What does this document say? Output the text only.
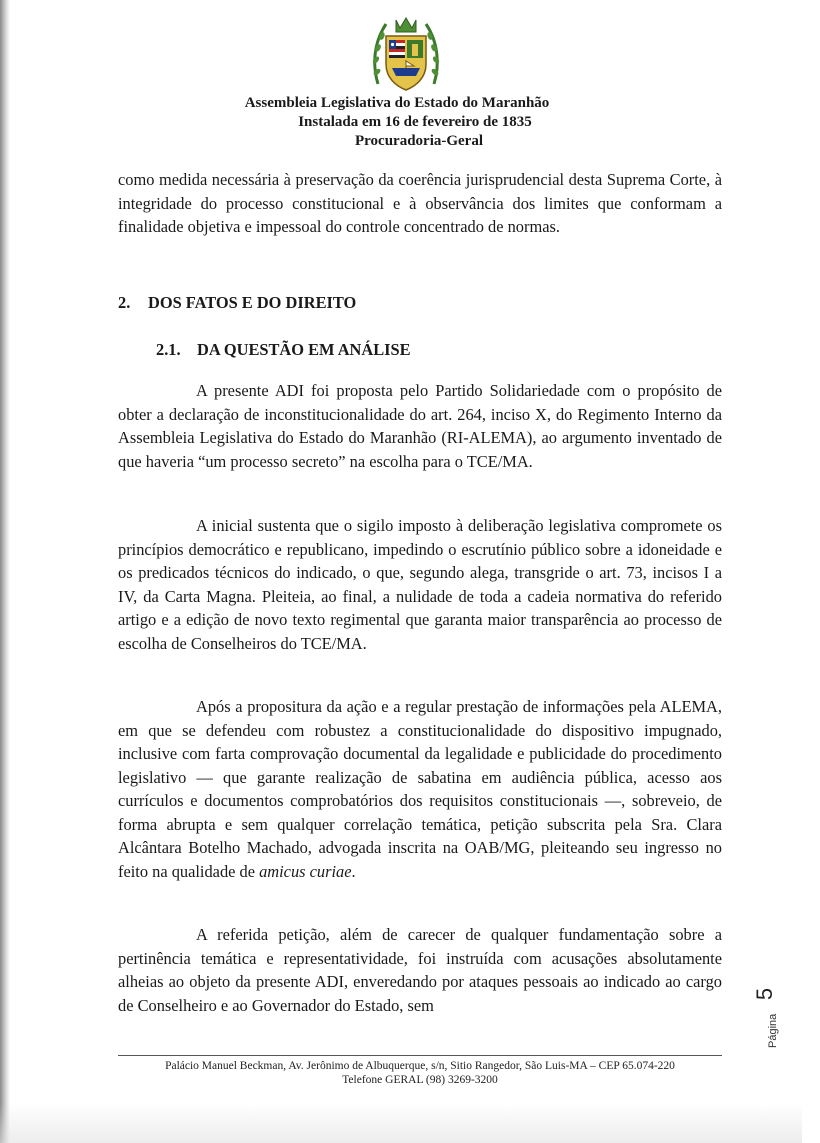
Assembleia Legislativa do Estado do Maranhão
Instalada em 16 de fevereiro de 1835
Procuradoria-Geral
como medida necessária à preservação da coerência jurisprudencial desta Suprema Corte, à integridade do processo constitucional e à observância dos limites que conformam a finalidade objetiva e impessoal do controle concentrado de normas.
2. DOS FATOS E DO DIREITO
2.1. DA QUESTÃO EM ANÁLISE
A presente ADI foi proposta pelo Partido Solidariedade com o propósito de obter a declaração de inconstitucionalidade do art. 264, inciso X, do Regimento Interno da Assembleia Legislativa do Estado do Maranhão (RI-ALEMA), ao argumento inventado de que haveria “um processo secreto” na escolha para o TCE/MA.
A inicial sustenta que o sigilo imposto à deliberação legislativa compromete os princípios democrático e republicano, impedindo o escrutínio público sobre a idoneidade e os predicados técnicos do indicado, o que, segundo alega, transgride o art. 73, incisos I a IV, da Carta Magna. Pleiteia, ao final, a nulidade de toda a cadeia normativa do referido artigo e a edição de novo texto regimental que garanta maior transparência ao processo de escolha de Conselheiros do TCE/MA.
Após a propositura da ação e a regular prestação de informações pela ALEMA, em que se defendeu com robustez a constitucionalidade do dispositivo impugnado, inclusive com farta comprovação documental da legalidade e publicidade do procedimento legislativo — que garante realização de sabatina em audiência pública, acesso aos currículos e documentos comprobatórios dos requisitos constitucionais —, sobreveio, de forma abrupta e sem qualquer correlação temática, petição subscrita pela Sra. Clara Alcântara Botelho Machado, advogada inscrita na OAB/MG, pleiteando seu ingresso no feito na qualidade de amicus curiae.
A referida petição, além de carecer de qualquer fundamentação sobre a pertinência temática e representatividade, foi instruída com acusações absolutamente alheias ao objeto da presente ADI, enveredando por ataques pessoais ao indicado ao cargo de Conselheiro e ao Governador do Estado, sem
Palácio Manuel Beckman, Av. Jerônimo de Albuquerque, s/n, Sitio Rangedor, São Luis-MA – CEP 65.074-220
Telefone GERAL (98) 3269-3200
5
Página
